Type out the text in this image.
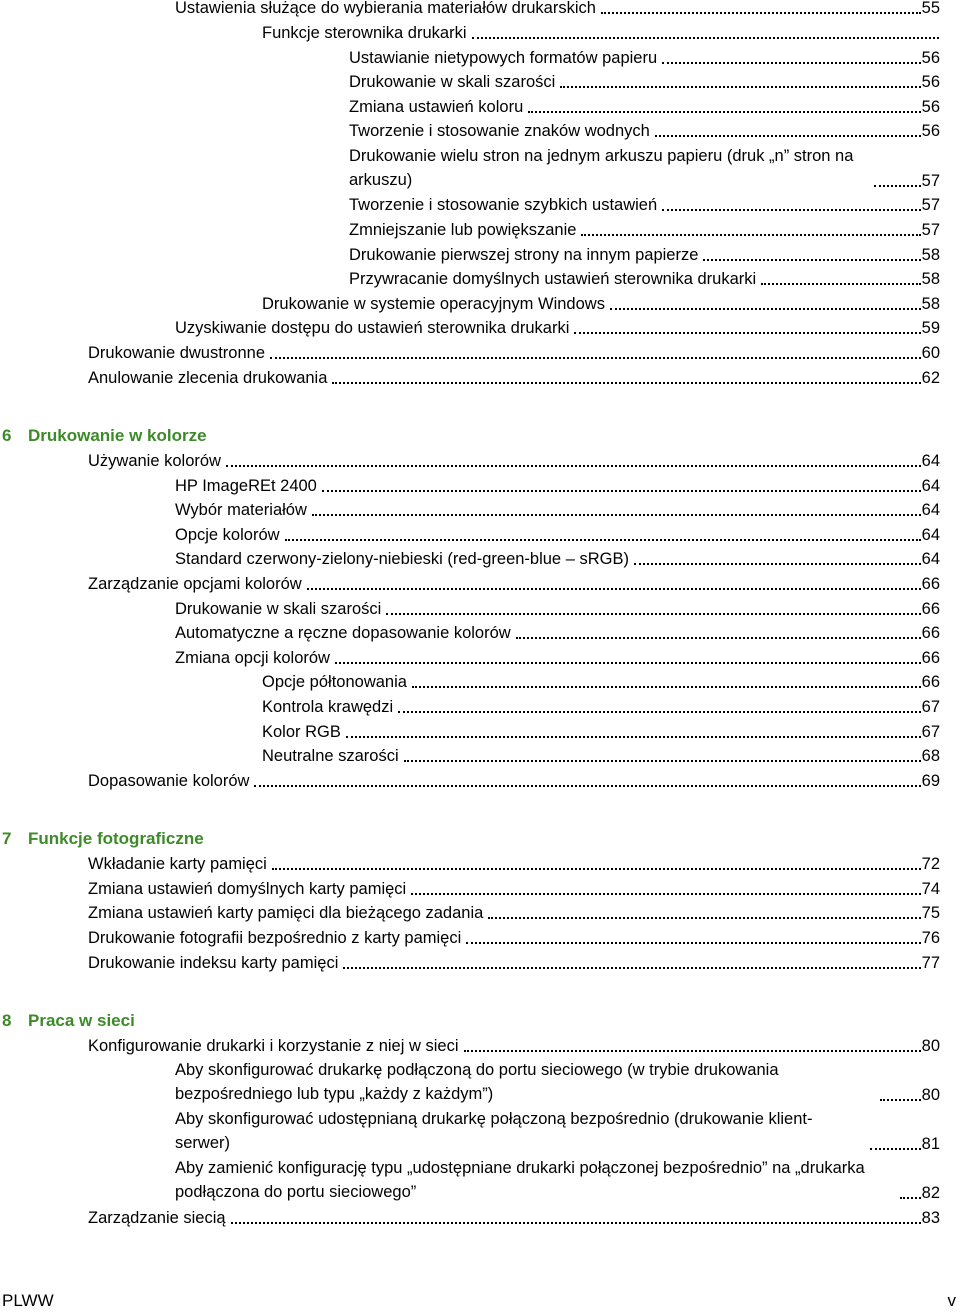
Ustawienia służące do wybierania materiałów drukarskich	55
Funkcje sterownika drukarki
Ustawianie nietypowych formatów papieru	56
Drukowanie w skali szarości	56
Zmiana ustawień koloru	56
Tworzenie i stosowanie znaków wodnych	56
Drukowanie wielu stron na jednym arkuszu papieru (druk „n” stron na arkuszu)	57
Tworzenie i stosowanie szybkich ustawień	57
Zmniejszanie lub powiększanie	57
Drukowanie pierwszej strony na innym papierze	58
Przywracanie domyślnych ustawień sterownika drukarki	58
Drukowanie w systemie operacyjnym Windows	58
Uzyskiwanie dostępu do ustawień sterownika drukarki	59
Drukowanie dwustronne	60
Anulowanie zlecenia drukowania	62
6 Drukowanie w kolorze
Używanie kolorów	64
HP ImageREt 2400	64
Wybór materiałów	64
Opcje kolorów	64
Standard czerwony-zielony-niebieski (red-green-blue – sRGB)	64
Zarządzanie opcjami kolorów	66
Drukowanie w skali szarości	66
Automatyczne a ręczne dopasowanie kolorów	66
Zmiana opcji kolorów	66
Opcje półtonowania	66
Kontrola krawędzi	67
Kolor RGB	67
Neutralne szarości	68
Dopasowanie kolorów	69
7 Funkcje fotograficzne
Wkładanie karty pamięci	72
Zmiana ustawień domyślnych karty pamięci	74
Zmiana ustawień karty pamięci dla bieżącego zadania	75
Drukowanie fotografii bezpośrednio z karty pamięci	76
Drukowanie indeksu karty pamięci	77
8 Praca w sieci
Konfigurowanie drukarki i korzystanie z niej w sieci	80
Aby skonfigurować drukarkę podłączoną do portu sieciowego (w trybie drukowania bezpośredniego lub typu „każdy z każdym”)	80
Aby skonfigurować udostępnianą drukarkę połączoną bezpośrednio (drukowanie klient-serwer)	81
Aby zamienić konfigurację typu „udostępniane drukarki połączonej bezpośrednio” na „drukarka podłączona do portu sieciowego”	82
Zarządzanie siecią	83
PLWW	v
